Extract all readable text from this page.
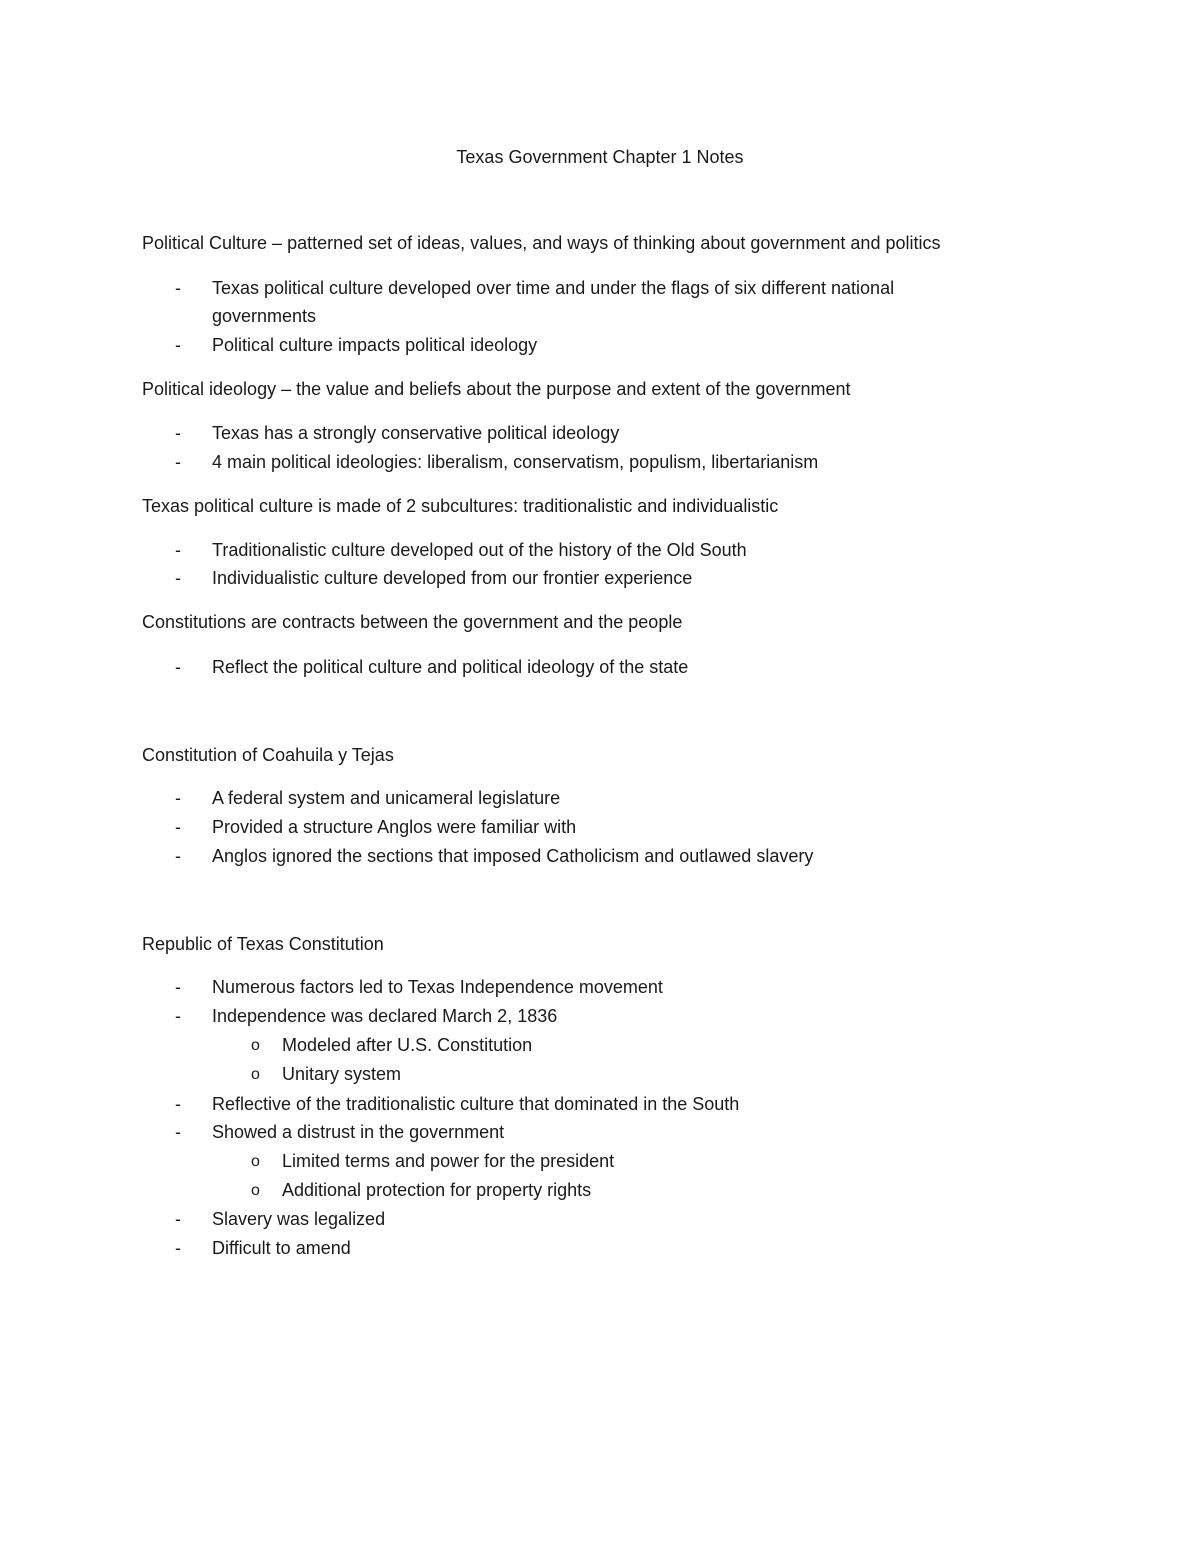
Texas Government Chapter 1 Notes
Political Culture – patterned set of ideas, values, and ways of thinking about government and politics
- Texas political culture developed over time and under the flags of six different national
governments
- Political culture impacts political ideology
Political ideology – the value and beliefs about the purpose and extent of the government
- Texas has a strongly conservative political ideology
- 4 main political ideologies: liberalism, conservatism, populism, libertarianism
Texas political culture is made of 2 subcultures: traditionalistic and individualistic
- Traditionalistic culture developed out of the history of the Old South
- Individualistic culture developed from our frontier experience
Constitutions are contracts between the government and the people
- Reflect the political culture and political ideology of the state
Constitution of Coahuila y Tejas
- A federal system and unicameral legislature
- Provided a structure Anglos were familiar with
- Anglos ignored the sections that imposed Catholicism and outlawed slavery
Republic of Texas Constitution
- Numerous factors led to Texas Independence movement
- Independence was declared March 2, 1836
o Modeled after U.S. Constitution
o Unitary system
- Reflective of the traditionalistic culture that dominated in the South
- Showed a distrust in the government
o Limited terms and power for the president
o Additional protection for property rights
- Slavery was legalized
- Difficult to amend
